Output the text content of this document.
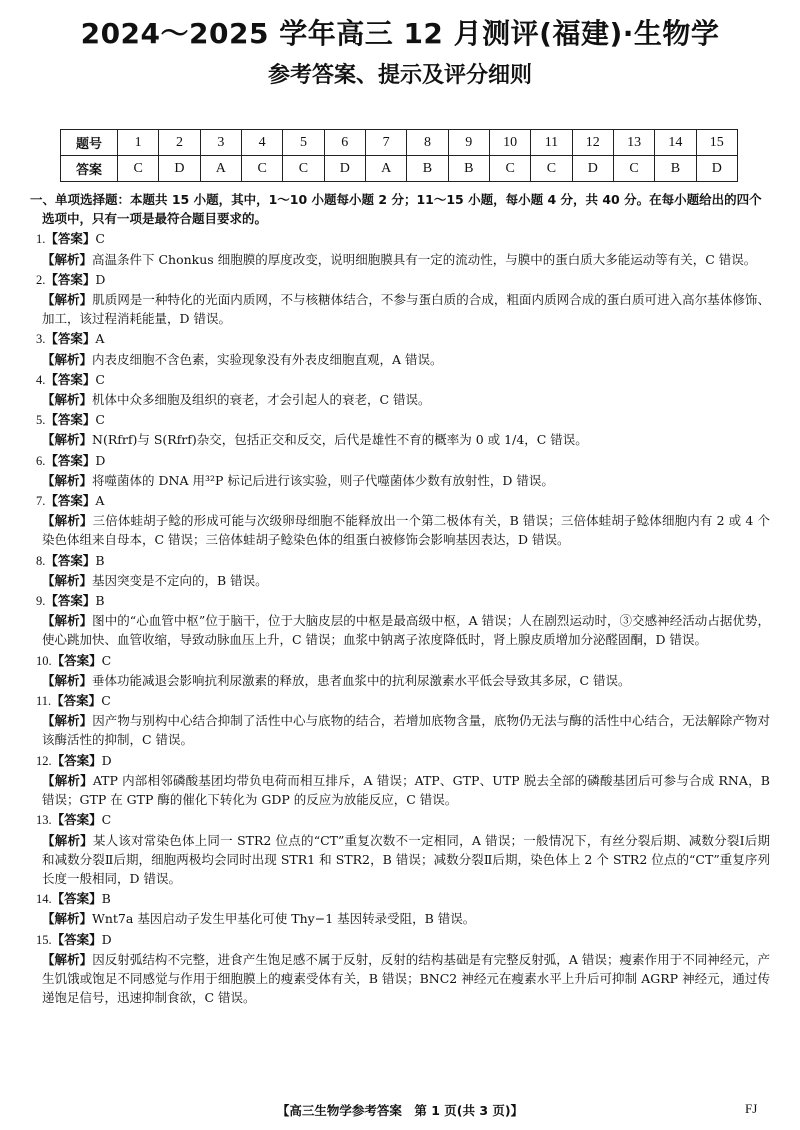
2024～2025 学年高三 12 月测评(福建)·生物学
参考答案、提示及评分细则
题号	1	2	3	4	5	6	7	8	9	10	11	12	13	14	15
答案	C	D	A	C	C	D	A	B	B	C	C	D	C	B	D

一、单项选择题：本题共 15 小题，其中，1～10 小题每小题 2 分；11～15 小题，每小题 4 分，共 40 分。在每小题给出的四个选项中，只有一项是最符合题目要求的。

1.【答案】C

【解析】高温条件下 Chonkus 细胞膜的厚度改变，说明细胞膜具有一定的流动性，与膜中的蛋白质大多能运动等有关，C 错误。

2.【答案】D

【解析】肌质网是一种特化的光面内质网，不与核糖体结合，不参与蛋白质的合成，粗面内质网合成的蛋白质可进入高尔基体修饰、加工，该过程消耗能量，D 错误。

3.【答案】A

【解析】内表皮细胞不含色素，实验现象没有外表皮细胞直观，A 错误。

4.【答案】C

【解析】机体中众多细胞及组织的衰老，才会引起人的衰老，C 错误。

5.【答案】C

【解析】N(Rfrf)与 S(Rfrf)杂交，包括正交和反交，后代是雄性不育的概率为 0 或 1/4，C 错误。

6.【答案】D

【解析】将噬菌体的 DNA 用³²P 标记后进行该实验，则子代噬菌体少数有放射性，D 错误。

7.【答案】A

【解析】三倍体蛙胡子鲶的形成可能与次级卵母细胞不能释放出一个第二极体有关，B 错误；三倍体蛙胡子鲶体细胞内有 2 或 4 个染色体组来自母本，C 错误；三倍体蛙胡子鲶染色体的组蛋白被修饰会影响基因表达，D 错误。

8.【答案】B

【解析】基因突变是不定向的，B 错误。

9.【答案】B

【解析】图中的“心血管中枢”位于脑干，位于大脑皮层的中枢是最高级中枢，A 错误；人在剧烈运动时，③交感神经活动占据优势，使心跳加快、血管收缩，导致动脉血压上升，C 错误；血浆中钠离子浓度降低时，肾上腺皮质增加分泌醛固酮，D 错误。

10.【答案】C

【解析】垂体功能减退会影响抗利尿激素的释放，患者血浆中的抗利尿激素水平低会导致其多尿，C 错误。

11.【答案】C

【解析】因产物与别构中心结合抑制了活性中心与底物的结合，若增加底物含量，底物仍无法与酶的活性中心结合，无法解除产物对该酶活性的抑制，C 错误。

12.【答案】D

【解析】ATP 内部相邻磷酸基团均带负电荷而相互排斥，A 错误；ATP、GTP、UTP 脱去全部的磷酸基团后可参与合成 RNA，B 错误；GTP 在 GTP 酶的催化下转化为 GDP 的反应为放能反应，C 错误。

13.【答案】C

【解析】某人该对常染色体上同一 STR2 位点的“CT”重复次数不一定相同，A 错误；一般情况下，有丝分裂后期、减数分裂Ⅰ后期和减数分裂Ⅱ后期，细胞两极均会同时出现 STR1 和 STR2，B 错误；减数分裂Ⅱ后期，染色体上 2 个 STR2 位点的“CT”重复序列长度一般相同，D 错误。

14.【答案】B

【解析】Wnt7a 基因启动子发生甲基化可使 Thy−1 基因转录受阻，B 错误。

15.【答案】D

【解析】因反射弧结构不完整，进食产生饱足感不属于反射，反射的结构基础是有完整反射弧，A 错误；瘦素作用于不同神经元，产生饥饿或饱足不同感觉与作用于细胞膜上的瘦素受体有关，B 错误；BNC2 神经元在瘦素水平上升后可抑制 AGRP 神经元，通过传递饱足信号，迅速抑制食欲，C 错误。

【高三生物学参考答案　第 1 页(共 3 页)】	FJ
